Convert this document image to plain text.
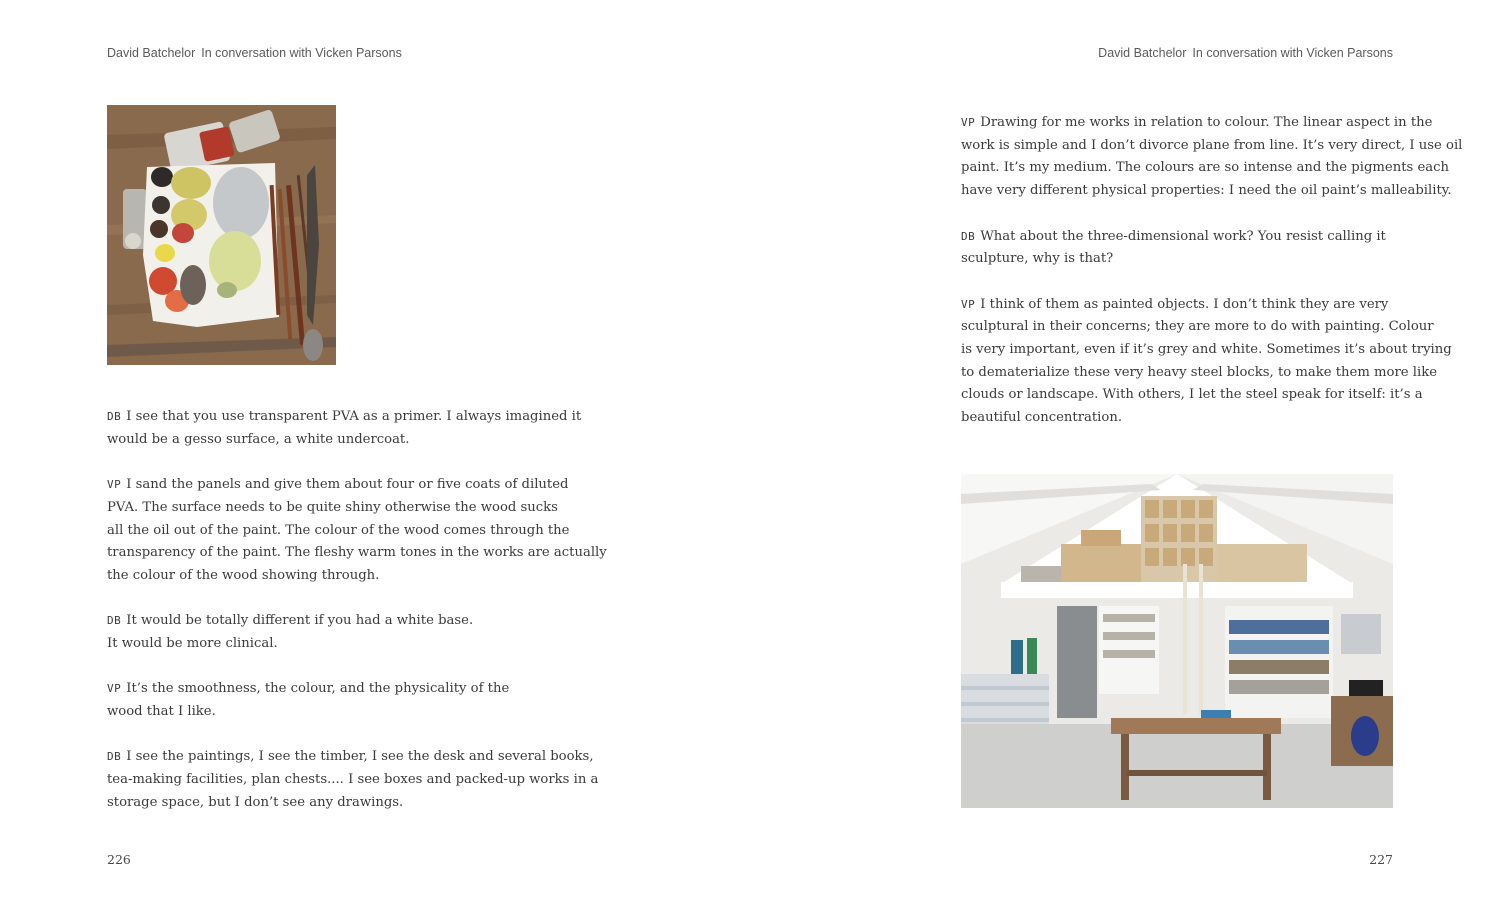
David Batchelor In conversation with Vicken Parsons
DB I see that you use transparent PVA as a primer. I always imagined it
would be a gesso surface, a white undercoat.
VP I sand the panels and give them about four or five coats of diluted
PVA. The surface needs to be quite shiny otherwise the wood sucks
all the oil out of the paint. The colour of the wood comes through the
transparency of the paint. The fleshy warm tones in the works are actually
the colour of the wood showing through.
DB It would be totally different if you had a white base.
It would be more clinical.
VP It’s the smoothness, the colour, and the physicality of the
wood that I like.
DB I see the paintings, I see the timber, I see the desk and several books,
tea-making facilities, plan chests.... I see boxes and packed-up works in a
storage space, but I don’t see any drawings.
226
David Batchelor In conversation with Vicken Parsons
VP Drawing for me works in relation to colour. The linear aspect in the
work is simple and I don’t divorce plane from line. It’s very direct, I use oil
paint. It’s my medium. The colours are so intense and the pigments each
have very different physical properties: I need the oil paint’s malleability.
DB What about the three-dimensional work? You resist calling it
sculpture, why is that?
VP I think of them as painted objects. I don’t think they are very
sculptural in their concerns; they are more to do with painting. Colour
is very important, even if it’s grey and white. Sometimes it’s about trying
to dematerialize these very heavy steel blocks, to make them more like
clouds or landscape. With others, I let the steel speak for itself: it’s a
beautiful concentration.
227
